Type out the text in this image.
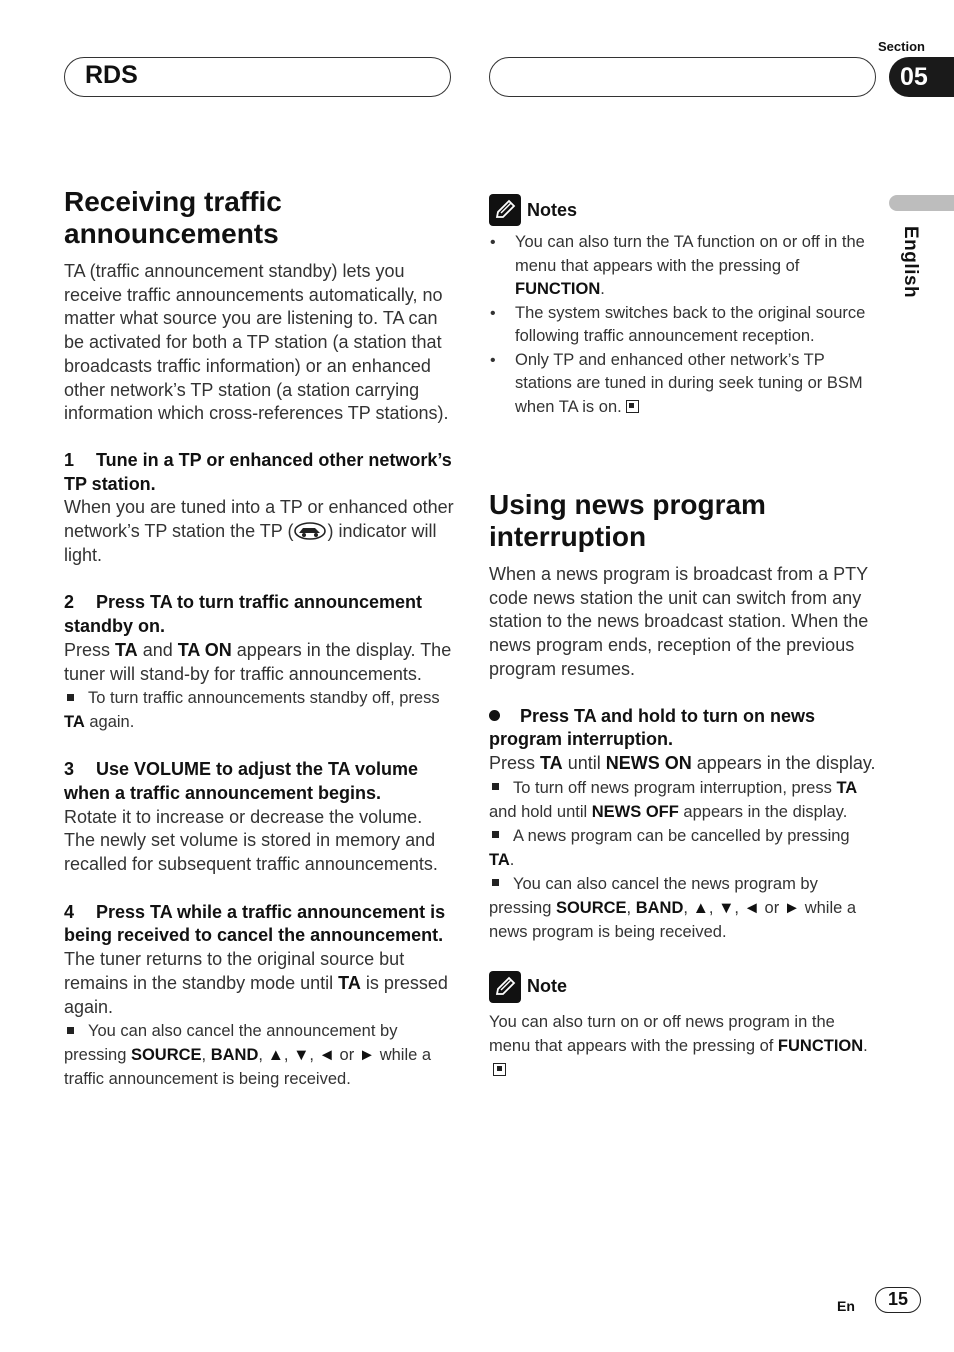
RDS
Section
05
English
Receiving traffic announcements

TA (traffic announcement standby) lets you receive traffic announcements automatically, no matter what source you are listening to. TA can be activated for both a TP station (a station that broadcasts traffic information) or an enhanced other network’s TP station (a station carrying information which cross-references TP stations).

1 Tune in a TP or enhanced other network’s TP station.

When you are tuned into a TP or enhanced other network’s TP station the TP ( ) indicator will light.

2 Press TA to turn traffic announcement standby on.

Press TA and TA ON appears in the display. The tuner will stand-by for traffic announcements.

To turn traffic announcements standby off, press TA again.

3 Use VOLUME to adjust the TA volume when a traffic announcement begins.

Rotate it to increase or decrease the volume. The newly set volume is stored in memory and recalled for subsequent traffic announcements.

4 Press TA while a traffic announcement is being received to cancel the announcement.

The tuner returns to the original source but remains in the standby mode until TA is pressed again.

You can also cancel the announcement by pressing SOURCE, BAND, ▲, ▼, ◄ or ► while a traffic announcement is being received.

Notes
• You can also turn the TA function on or off in the menu that appears with the pressing of FUNCTION.
• The system switches back to the original source following traffic announcement reception.
• Only TP and enhanced other network’s TP stations are tuned in during seek tuning or BSM when TA is on.
Using news program interruption

When a news program is broadcast from a PTY code news station the unit can switch from any station to the news broadcast station. When the news program ends, reception of the previous program resumes.

Press TA and hold to turn on news program interruption.

Press TA until NEWS ON appears in the display.

To turn off news program interruption, press TA and hold until NEWS OFF appears in the display.

A news program can be cancelled by pressing TA.

You can also cancel the news program by pressing SOURCE, BAND, ▲, ▼, ◄ or ► while a news program is being received.

Note

You can also turn on or off news program in the menu that appears with the pressing of FUNCTION.

En	15
